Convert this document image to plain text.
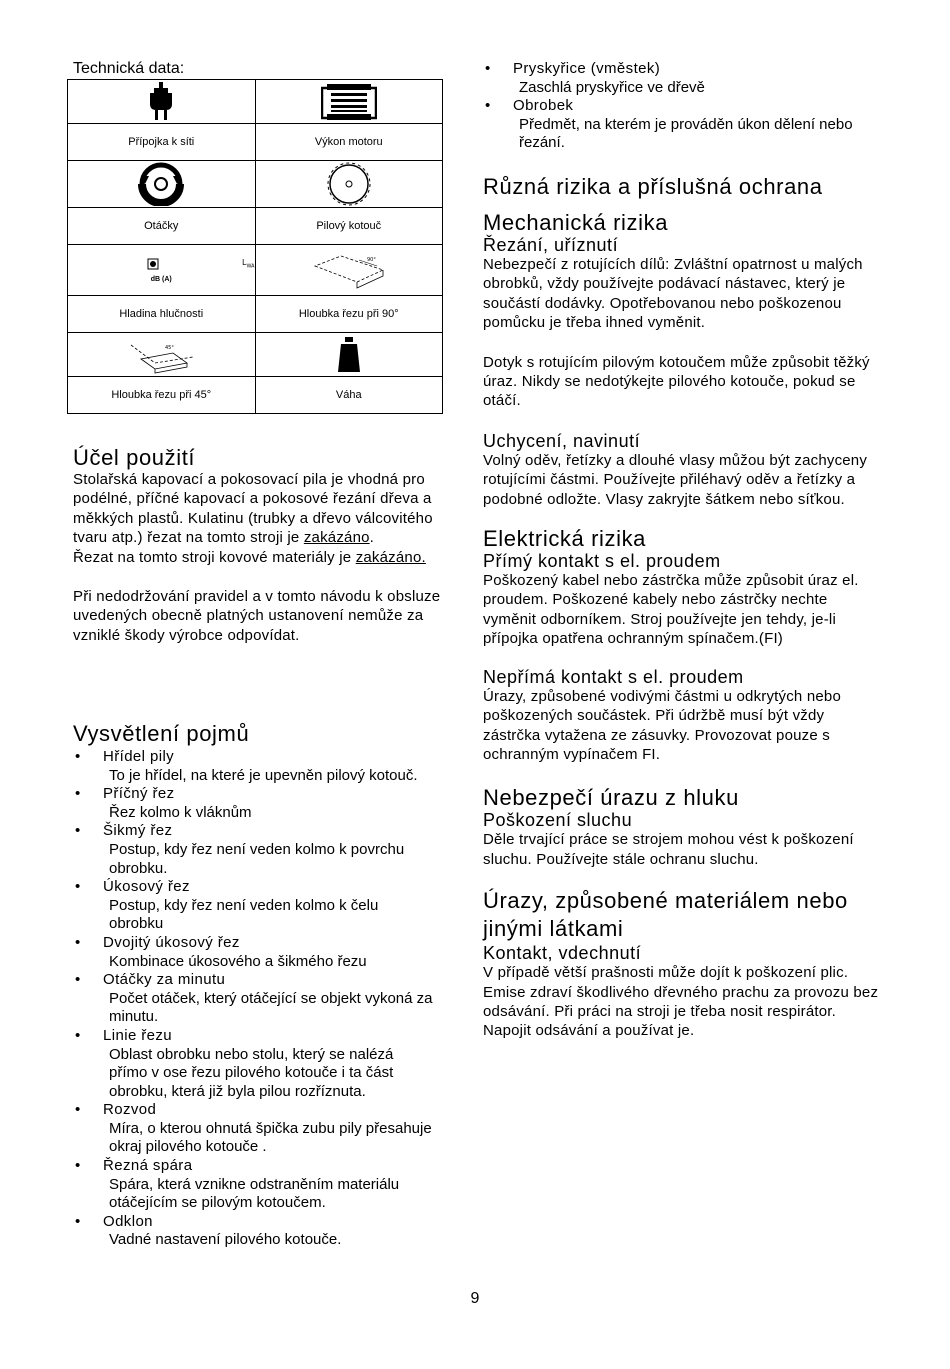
Technická data:

Přípojka k síti	Výkon motoru

Otáčky	Pilový kotouč

$L_{WA}$
dB (A)	90°

Hladina hlučnosti	Hloubka řezu při 90°

45°

Hloubka řezu při 45°	Váha
Účel použití
Stolařská kapovací a pokosovací pila je vhodná pro podélné, příčné kapovací a pokosové řezání dřeva a měkkých plastů. Kulatinu (trubky a dřevo válcovitého tvaru atp.) řezat na tomto stroji je zakázáno.
Řezat na tomto stroji kovové materiály je zakázáno.
Při nedodržování pravidel a v tomto návodu k obsluze uvedených obecně platných ustanovení nemůže za vzniklé škody výrobce odpovídat.
Vysvětlení pojmů
• Hřídel pily
To je hřídel, na které je upevněn pilový kotouč.
• Příčný řez
Řez kolmo k vláknům
• Šikmý řez
Postup, kdy řez není veden kolmo k povrchu obrobku.
• Úkosový řez
Postup, kdy řez není veden kolmo k čelu obrobku
• Dvojitý úkosový řez
Kombinace úkosového a šikmého řezu
• Otáčky za minutu
Počet otáček, který otáčející se objekt vykoná za minutu.
• Linie řezu
Oblast obrobku nebo stolu, který se nalézá přímo v ose řezu pilového kotouče i ta část obrobku, která již byla pilou rozříznuta.
• Rozvod
Míra, o kterou ohnutá špička zubu pily přesahuje okraj pilového kotouče .
• Řezná spára
Spára, která vznikne odstraněním materiálu otáčejícím se pilovým kotoučem.
• Odklon
Vadné nastavení pilového kotouče.
• Pryskyřice (vměstek)
Zaschlá pryskyřice ve dřevě
• Obrobek
Předmět, na kterém je prováděn úkon dělení nebo řezání.
Různá rizika a příslušná ochrana
Mechanická rizika
Řezání, uříznutí
Nebezpečí z rotujících dílů: Zvláštní opatrnost u malých obrobků, vždy používejte podávací nástavec, který je součástí dodávky. Opotřebovanou nebo poškozenou pomůcku je třeba ihned vyměnit.
Dotyk s rotujícím pilovým kotoučem může způsobit těžký úraz. Nikdy se nedotýkejte pilového kotouče, pokud se otáčí.
Uchycení, navinutí
Volný oděv, řetízky a dlouhé vlasy můžou být zachyceny rotujícími částmi. Používejte přiléhavý oděv a řetízky a podobné odložte. Vlasy zakryjte šátkem nebo síťkou.
Elektrická rizika
Přímý kontakt s el. proudem
Poškozený kabel nebo zástrčka může způsobit úraz el. proudem. Poškozené kabely nebo zástrčky nechte vyměnit odborníkem. Stroj používejte jen tehdy, je-li přípojka opatřena ochranným spínačem.(FI)
Nepřímá kontakt s el. proudem
Úrazy, způsobené vodivými částmi u odkrytých nebo poškozených součástek. Při údržbě musí být vždy zástrčka vytažena ze zásuvky. Provozovat pouze s ochranným vypínačem FI.
Nebezpečí úrazu z hluku
Poškození sluchu
Děle trvající práce se strojem mohou vést k poškození sluchu. Používejte stále ochranu sluchu.
Úrazy, způsobené materiálem nebo jinými látkami
Kontakt, vdechnutí
V případě větší prašnosti může dojít k poškození plic. Emise zdraví škodlivého dřevného prachu za provozu bez odsávání. Při práci na stroji je třeba nosit respirátor. Napojit odsávání a používat je.
9
